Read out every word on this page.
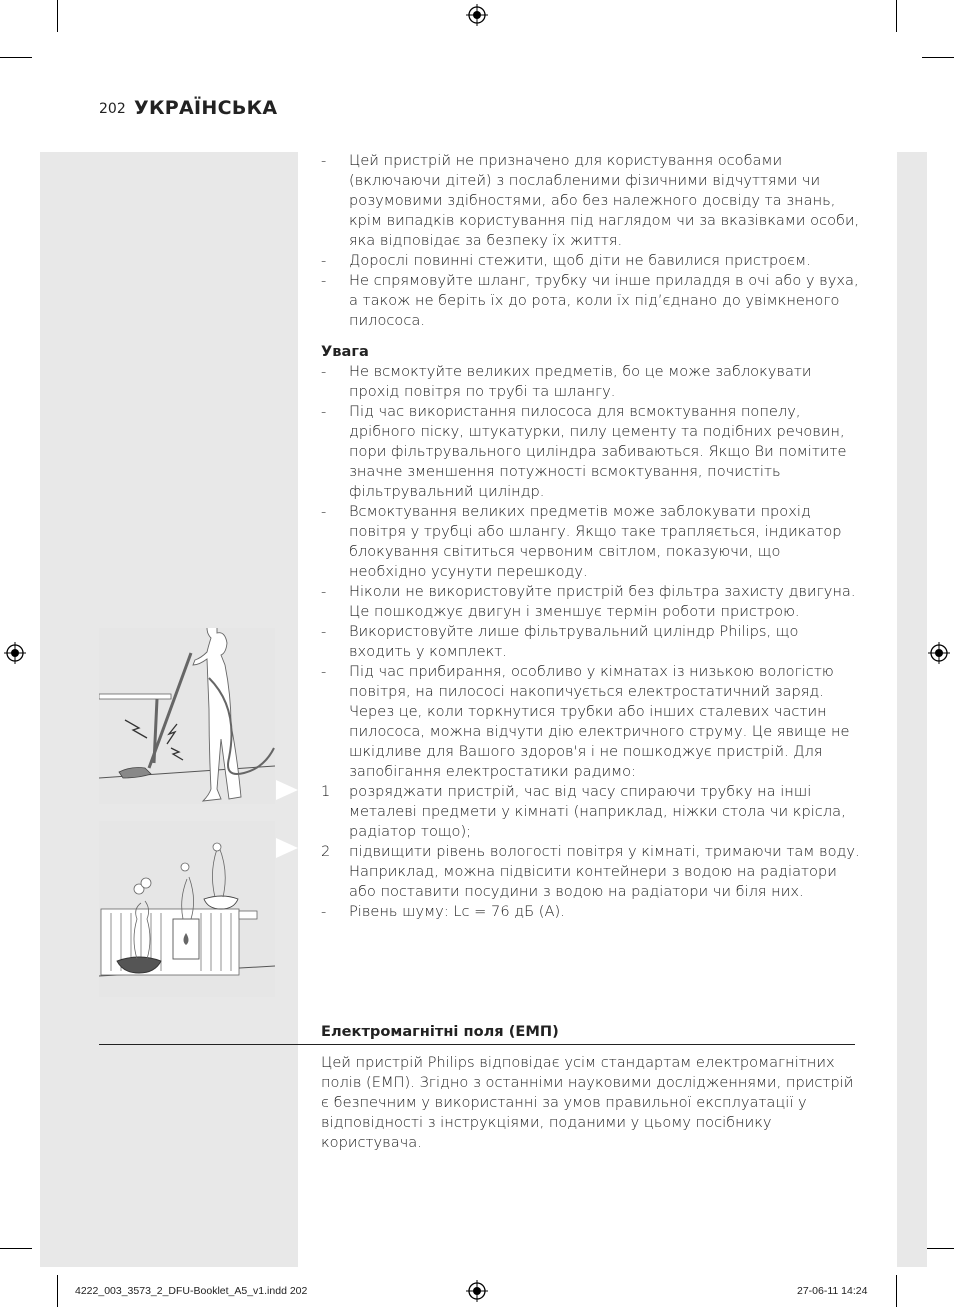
202 УКРАЇНСЬКА

- Цей пристрій не призначено для користування особами (включаючи дітей) з послабленими фізичними відчуттями чи розумовими здібностями, або без належного досвіду та знань, крім випадків користування під наглядом чи за вказівками особи, яка відповідає за безпеку їх життя.

- Дорослі повинні стежити, щоб діти не бавилися пристроєм.

- Не спрямовуйте шланг, трубку чи інше приладдя в очі або у вуха, а також не беріть їх до рота, коли їх під’єднано до увімкненого пилососа.

Увага

- Не всмоктуйте великих предметів, бо це може заблокувати прохід повітря по трубі та шлангу.

- Під час використання пилососа для всмоктування попелу, дрібного піску, штукатурки, пилу цементу та подібних речовин, пори фільтрувального циліндра забиваються. Якщо Ви помітите значне зменшення потужності всмоктування, почистіть фільтрувальний циліндр.

- Всмоктування великих предметів може заблокувати прохід повітря у трубці або шлангу. Якщо таке трапляється, індикатор блокування світиться червоним світлом, показуючи, що необхідно усунути перешкоду.

- Ніколи не використовуйте пристрій без фільтра захисту двигуна. Це пошкоджує двигун і зменшує термін роботи пристрою.

- Використовуйте лише фільтрувальний циліндр Philips, що входить у комплект.

- Під час прибирання, особливо у кімнатах із низькою вологістю повітря, на пилососі накопичується електростатичний заряд. Через це, коли торкнутися трубки або інших сталевих частин пилососа, можна відчути дію електричного струму. Це явище не шкідливе для Вашого здоров'я і не пошкоджує пристрій. Для запобігання електростатики радимо:

1 розряджати пристрій, час від часу спираючи трубку на інші металеві предмети у кімнаті (наприклад, ніжки стола чи крісла, радіатор тощо);

2 підвищити рівень вологості повітря у кімнаті, тримаючи там воду. Наприклад, можна підвісити контейнери з водою на радіатори або поставити посудини з водою на радіатори чи біля них.

- Рівень шуму: Lc = 76 дБ (A).

Електромагнітні поля (ЕМП)
Цей пристрій Philips відповідає усім стандартам електромагнітних полів (ЕМП). Згідно з останніми науковими дослідженнями, пристрій є безпечним у використанні за умов правильної експлуатації у відповідності з інструкціями, поданими у цьому посібнику користувача.
4222_003_3573_2_DFU-Booklet_A5_v1.indd 202	27-06-11 14:24
